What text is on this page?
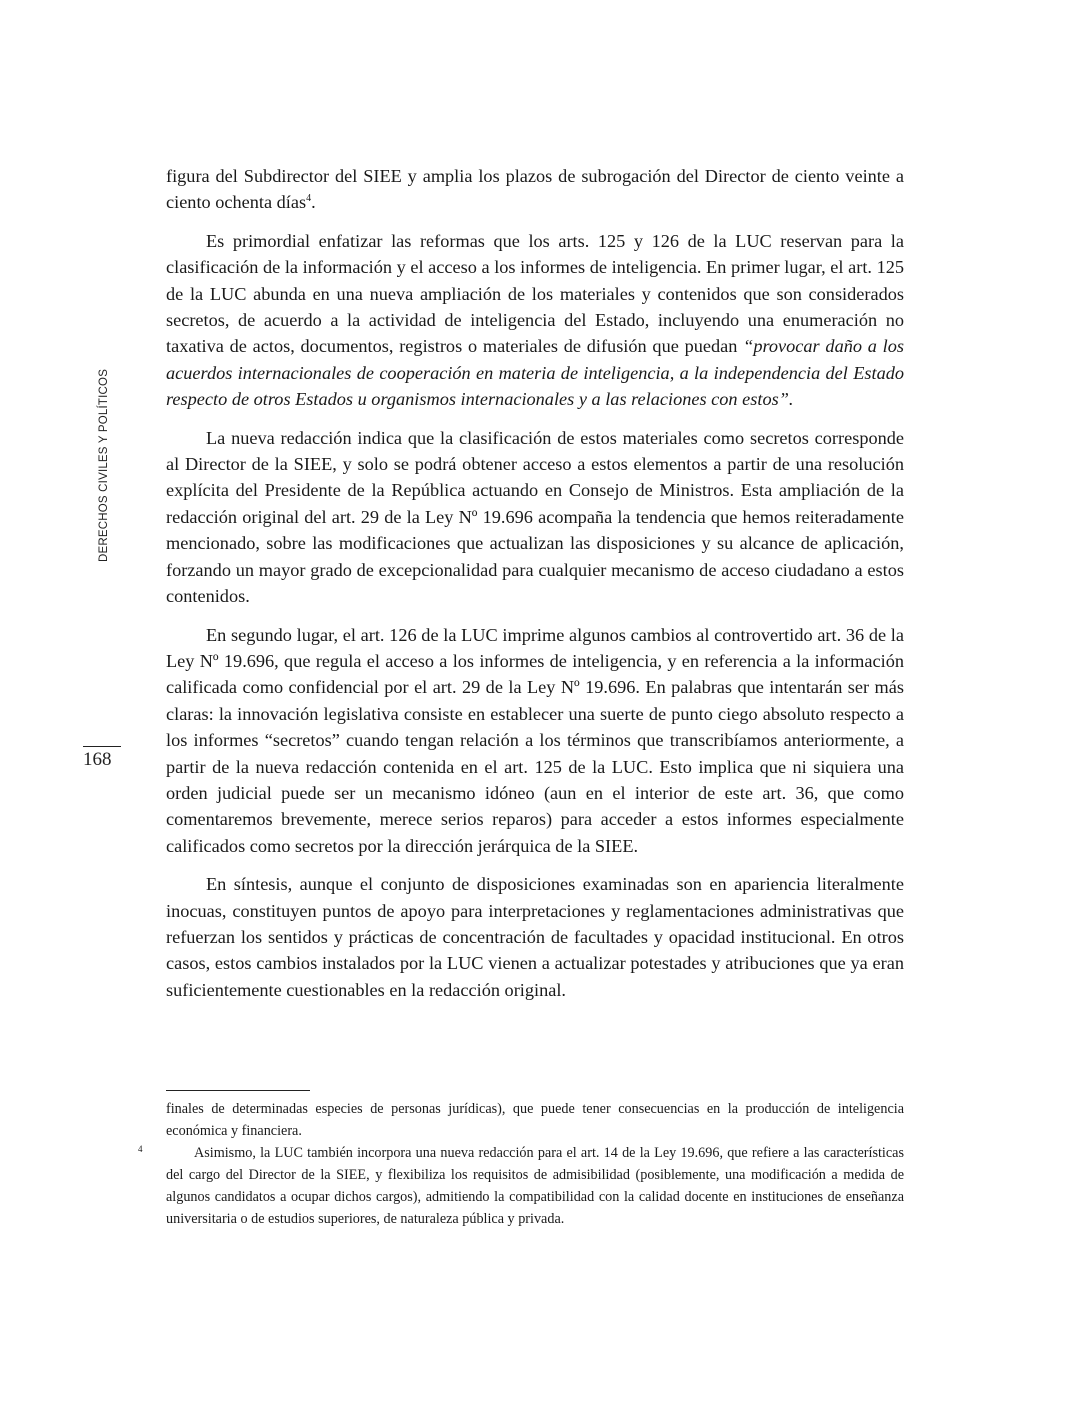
DERECHOS CIVILES Y POLÍTICOS
168

figura del Subdirector del SIEE y amplia los plazos de subrogación del Director de ciento veinte a ciento ochenta días$^4$.

Es primordial enfatizar las reformas que los arts. 125 y 126 de la LUC reservan para la clasificación de la información y el acceso a los informes de inteligencia. En primer lugar, el art. 125 de la LUC abunda en una nueva ampliación de los materiales y contenidos que son considerados secretos, de acuerdo a la actividad de inteligencia del Estado, incluyendo una enumeración no taxativa de actos, documentos, registros o materiales de difusión que puedan “provocar daño a los acuerdos internacionales de cooperación en materia de inteligencia, a la independencia del Estado respecto de otros Estados u organismos internacionales y a las relaciones con estos”.

La nueva redacción indica que la clasificación de estos materiales como secretos corresponde al Director de la SIEE, y solo se podrá obtener acceso a estos elementos a partir de una resolución explícita del Presidente de la República actuando en Consejo de Ministros. Esta ampliación de la redacción original del art. 29 de la Ley Nº 19.696 acompaña la tendencia que hemos reiteradamente mencionado, sobre las modificaciones que actualizan las disposiciones y su alcance de aplicación, forzando un mayor grado de excepcionalidad para cualquier mecanismo de acceso ciudadano a estos contenidos.

En segundo lugar, el art. 126 de la LUC imprime algunos cambios al controvertido art. 36 de la Ley Nº 19.696, que regula el acceso a los informes de inteligencia, y en referencia a la información calificada como confidencial por el art. 29 de la Ley Nº 19.696. En palabras que intentarán ser más claras: la innovación legislativa consiste en establecer una suerte de punto ciego absoluto respecto a los informes “secretos” cuando tengan relación a los términos que transcribíamos anteriormente, a partir de la nueva redacción contenida en el art. 125 de la LUC. Esto implica que ni siquiera una orden judicial puede ser un mecanismo idóneo (aun en el interior de este art. 36, que como comentaremos brevemente, merece serios reparos) para acceder a estos informes especialmente calificados como secretos por la dirección jerárquica de la SIEE.

En síntesis, aunque el conjunto de disposiciones examinadas son en apariencia literalmente inocuas, constituyen puntos de apoyo para interpretaciones y reglamentaciones administrativas que refuerzan los sentidos y prácticas de concentración de facultades y opacidad institucional. En otros casos, estos cambios instalados por la LUC vienen a actualizar potestades y atribuciones que ya eran suficientemente cuestionables en la redacción original.

finales de determinadas especies de personas jurídicas), que puede tener consecuencias en la producción de inteligencia económica y financiera.

4	Asimismo, la LUC también incorpora una nueva redacción para el art. 14 de la Ley 19.696, que refiere a las características del cargo del Director de la SIEE, y flexibiliza los requisitos de admisibilidad (posiblemente, una modificación a medida de algunos candidatos a ocupar dichos cargos), admitiendo la compatibilidad con la calidad docente en instituciones de enseñanza universitaria o de estudios superiores, de naturaleza pública y privada.
